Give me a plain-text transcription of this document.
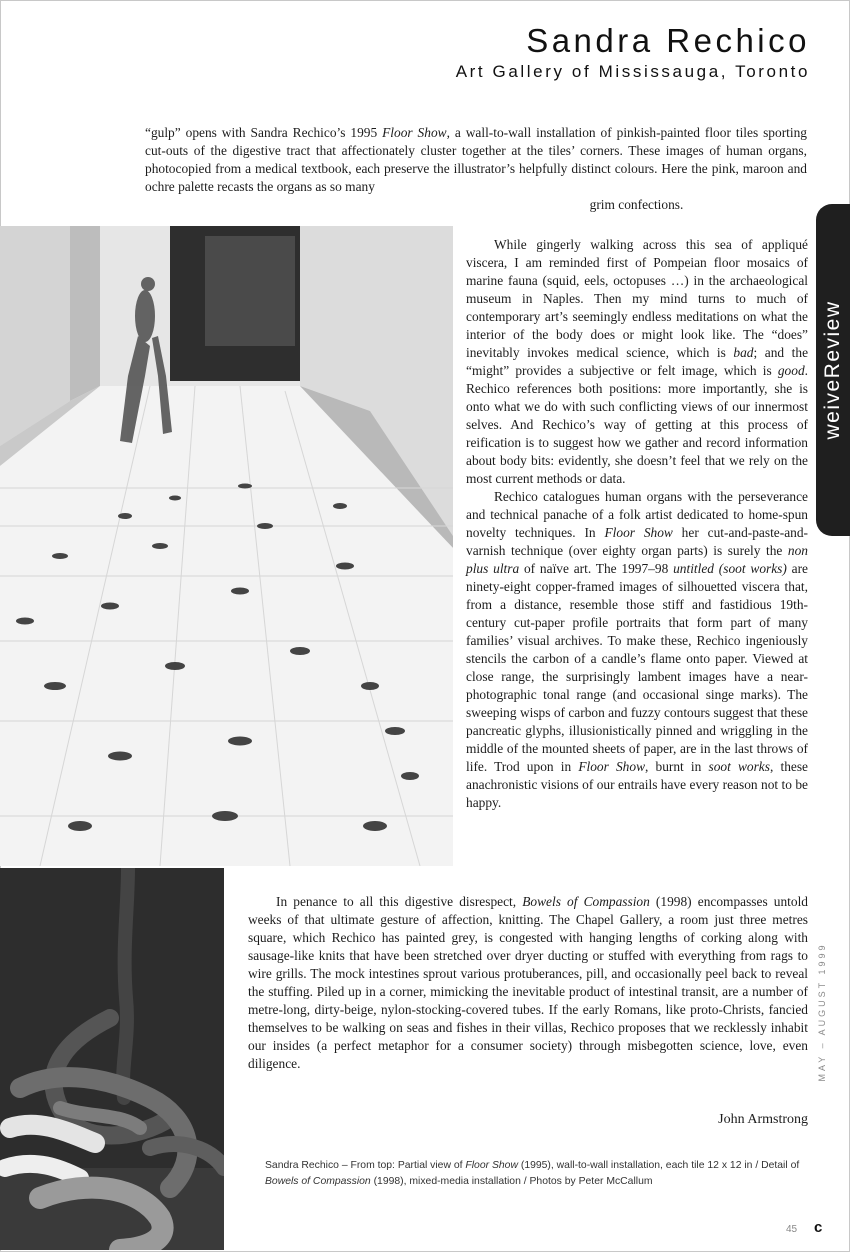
Sandra Rechico
Art Gallery of Mississauga, Toronto

“gulp” opens with Sandra Rechico’s 1995 Floor Show, a wall-to-wall installation of pinkish-painted floor tiles sporting cut-outs of the digestive tract that affectionately cluster together at the tiles’ corners. These images of human organs, photocopied from a medical textbook, each preserve the illustrator’s helpfully distinct colours. Here the pink, maroon and ochre palette recasts the organs as so many
grim confections.

While gingerly walking across this sea of appliqué viscera, I am reminded first of Pompeian floor mosaics of marine fauna (squid, eels, octopuses …) in the archaeological museum in Naples. Then my mind turns to much of contemporary art’s seemingly endless meditations on what the interior of the body does or might look like. The “does” inevitably invokes medical science, which is bad; and the “might” provides a subjective or felt image, which is good. Rechico references both positions: more importantly, she is onto what we do with such conflicting views of our innermost selves. And Rechico’s way of getting at this process of reification is to suggest how we gather and record information about body bits: evidently, she doesn’t feel that we rely on the most current methods or data.
Rechico catalogues human organs with the perseverance and technical panache of a folk artist dedicated to home-spun novelty techniques. In Floor Show her cut-and-paste-and-varnish technique (over eighty organ parts) is surely the non plus ultra of naïve art. The 1997–98 untitled (soot works) are ninety-eight copper-framed images of silhouetted viscera that, from a distance, resemble those stiff and fastidious 19th-century cut-paper profile portraits that form part of many families’ visual archives. To make these, Rechico ingeniously stencils the carbon of a candle’s flame onto paper. Viewed at close range, the surprisingly lambent images have a near-photographic tonal range (and occasional singe marks). The sweeping wisps of carbon and fuzzy contours suggest that these pancreatic glyphs, illusionistically pinned and wriggling in the middle of the mounted sheets of paper, are in the last throws of life. Trod upon in Floor Show, burnt in soot works, these anachronistic visions of our entrails have every reason not to be happy.

In penance to all this digestive disrespect, Bowels of Compassion (1998) encompasses untold weeks of that ultimate gesture of affection, knitting. The Chapel Gallery, a room just three metres square, which Rechico has painted grey, is congested with hanging lengths of corking along with sausage-like knits that have been stretched over dryer ducting or stuffed with everything from rags to wire grills. The mock intestines sprout various protuberances, pill, and occasionally peel back to reveal the stuffing. Piled up in a corner, mimicking the inevitable product of intestinal transit, are a number of metre-long, dirty-beige, nylon-stocking-covered tubes. If the early Romans, like proto-Christs, fancied themselves to be walking on seas and fishes in their villas, Rechico proposes that we recklessly inhabit our insides (a perfect metaphor for a consumer society) through misbegotten science, love, even diligence.

John Armstrong

Sandra Rechico – From top: Partial view of Floor Show (1995), wall-to-wall installation, each tile 12 x 12 in / Detail of Bowels of Compassion (1998), mixed-media installation / Photos by Peter McCallum

weiveReview
MAY – AUGUST 1999
45 c
